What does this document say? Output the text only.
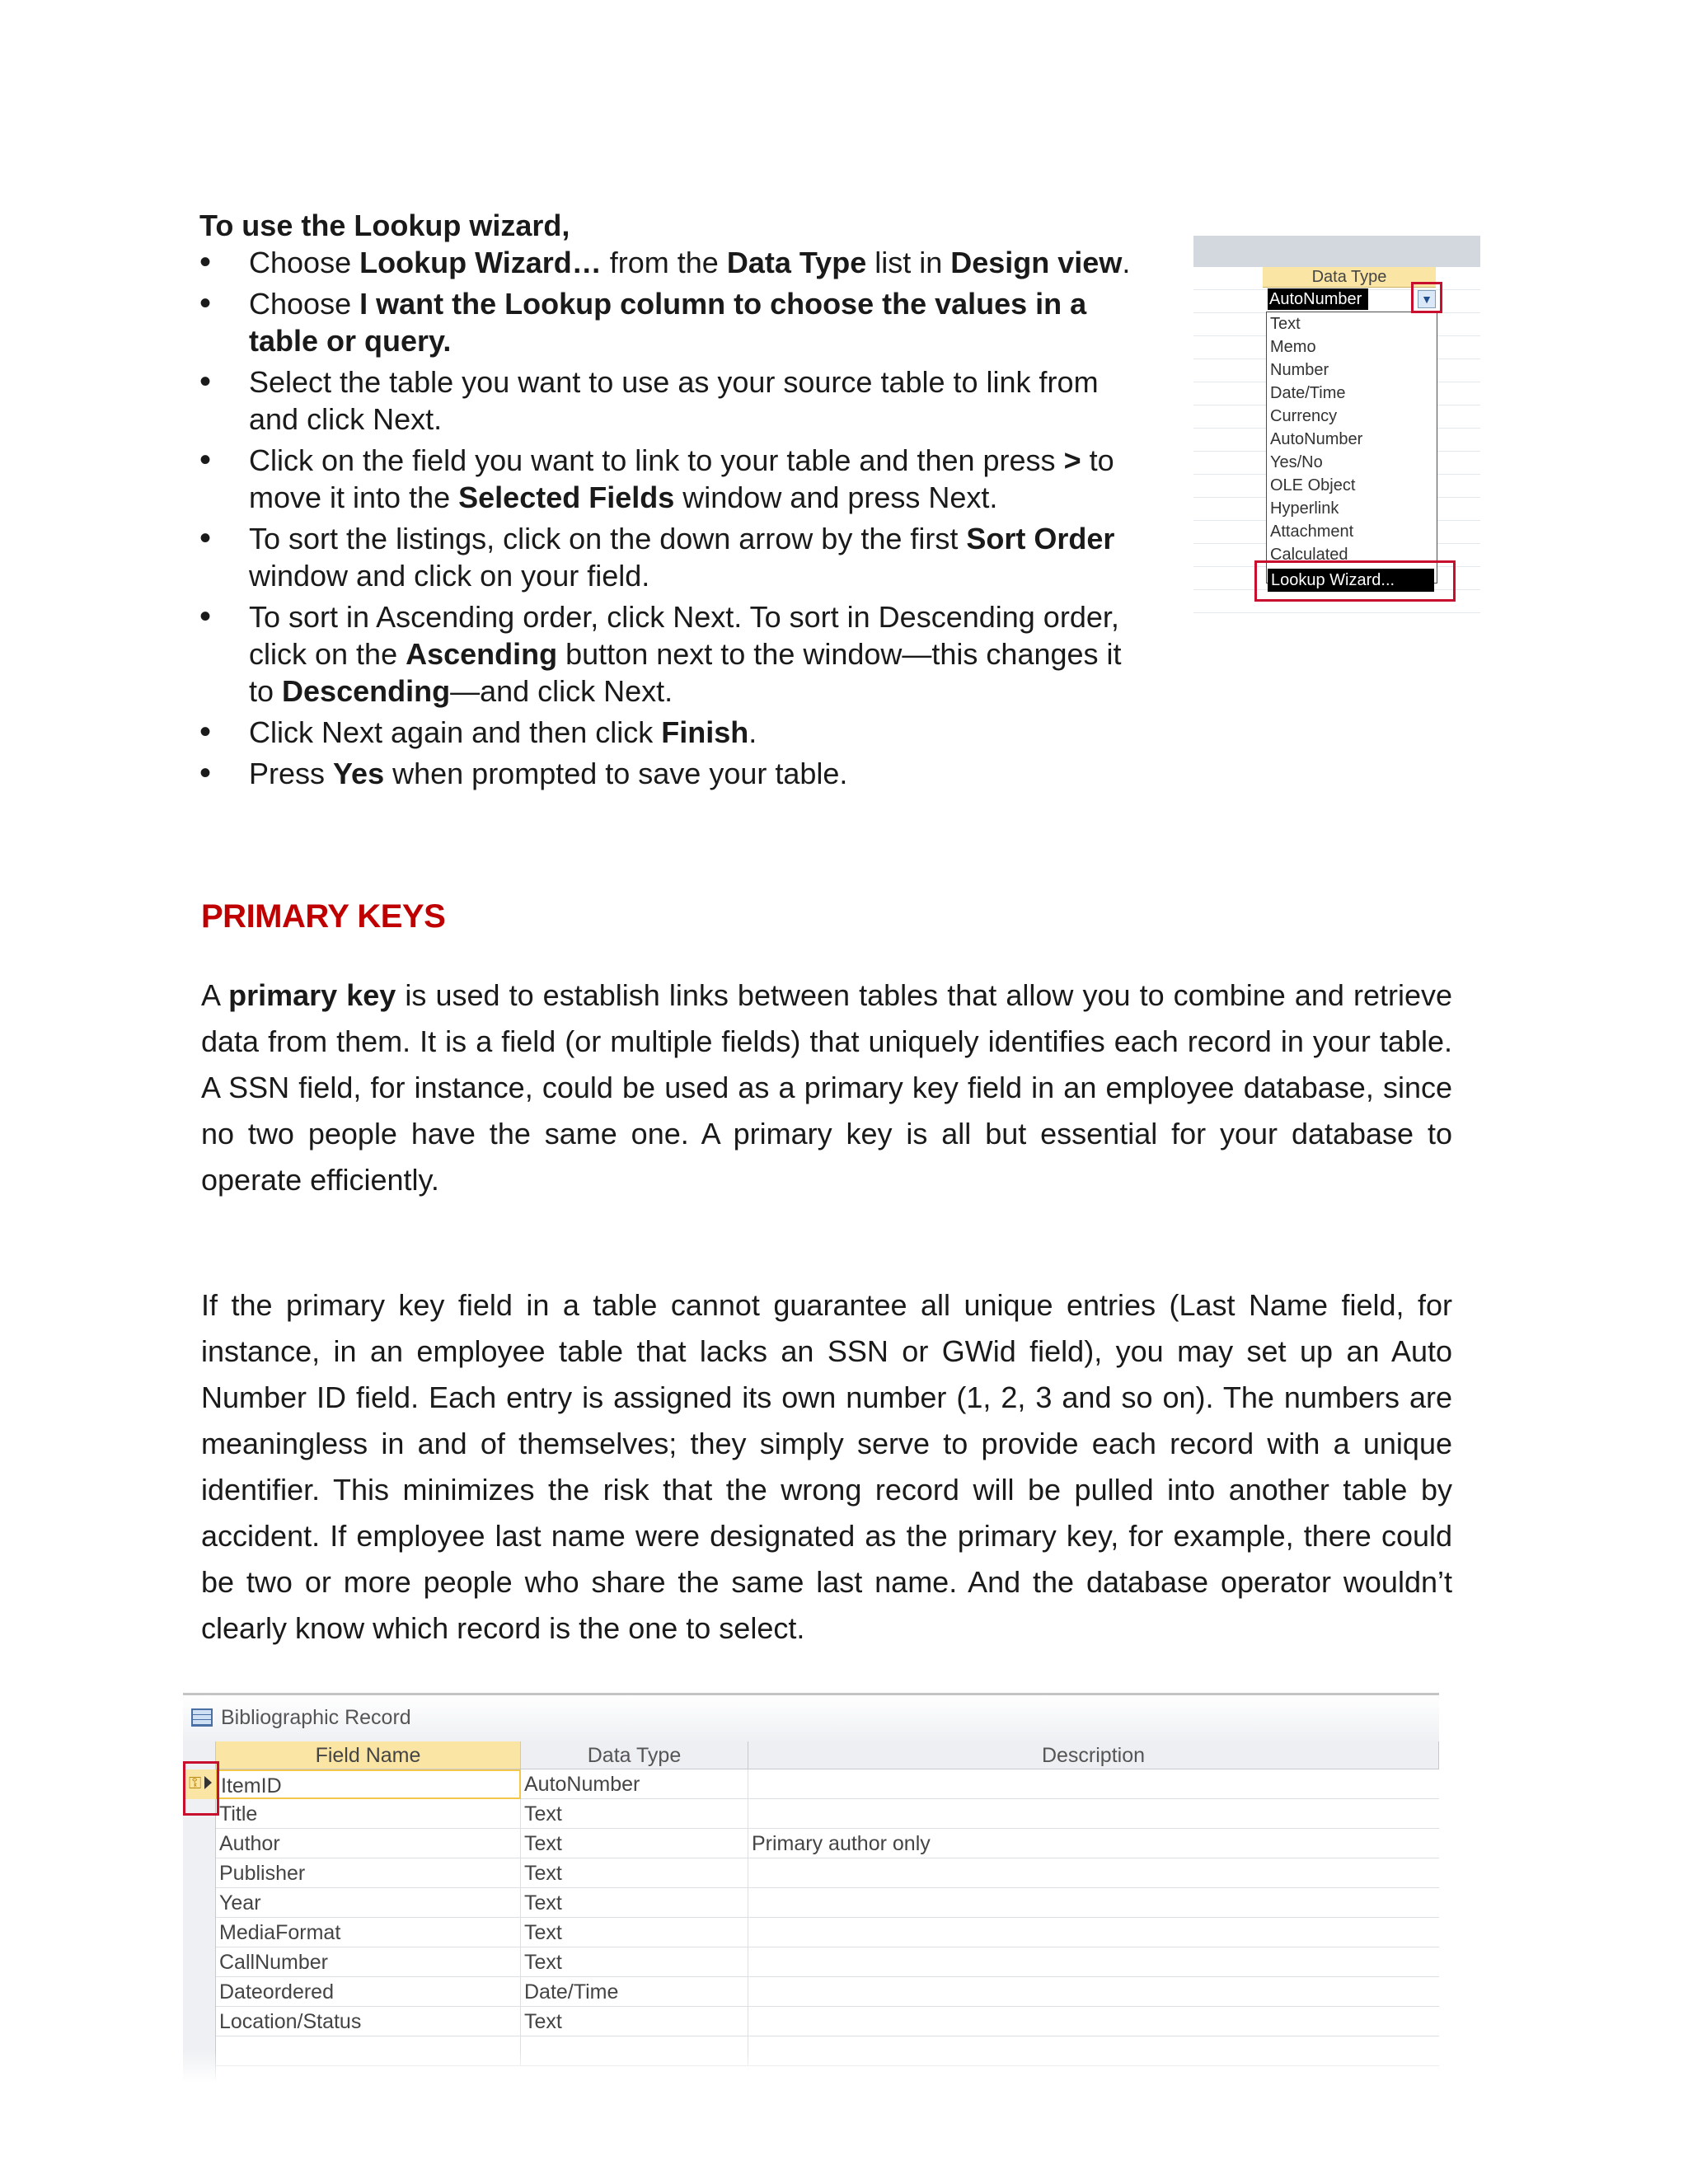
To use the Lookup wizard,
• Choose Lookup Wizard… from the Data Type list in Design view.
• Choose I want the Lookup column to choose the values in a table or query.
• Select the table you want to use as your source table to link from and click Next.
• Click on the field you want to link to your table and then press > to move it into the Selected Fields window and press Next.
• To sort the listings, click on the down arrow by the first Sort Order window and click on your field.
• To sort in Ascending order, click Next. To sort in Descending order, click on the Ascending button next to the window—this changes it to Descending—and click Next.
• Click Next again and then click Finish.
• Press Yes when prompted to save your table.
Data Type
Text
Memo
Number
Date/Time
Currency
AutoNumber
Yes/No
OLE Object
Hyperlink
Attachment
Calculated
AutoNumber	▼
Lookup Wizard...
PRIMARY KEYS

A primary key is used to establish links between tables that allow you to combine and retrieve data from them. It is a field (or multiple fields) that uniquely identifies each record in your table. A SSN field, for instance, could be used as a primary key field in an employee database, since no two people have the same one. A primary key is all but essential for your database to operate efficiently.

If the primary key field in a table cannot guarantee all unique entries (Last Name field, for instance, in an employee table that lacks an SSN or GWid field), you may set up an Auto Number ID field. Each entry is assigned its own number (1, 2, 3 and so on). The numbers are meaningless in and of themselves; they simply serve to provide each record with a unique identifier. This minimizes the risk that the wrong record will be pulled into another table by accident. If employee last name were designated as the primary key, for example, there could be two or more people who share the same last name. And the database operator wouldn’t clearly know which record is the one to select.

Bibliographic Record
Field Name	Data Type	Description
⚿ ItemID	AutoNumber
Title	Text
Author	Text	Primary author only
Publisher	Text
Year	Text
MediaFormat	Text
CallNumber	Text
Dateordered	Date/Time
Location/Status	Text
